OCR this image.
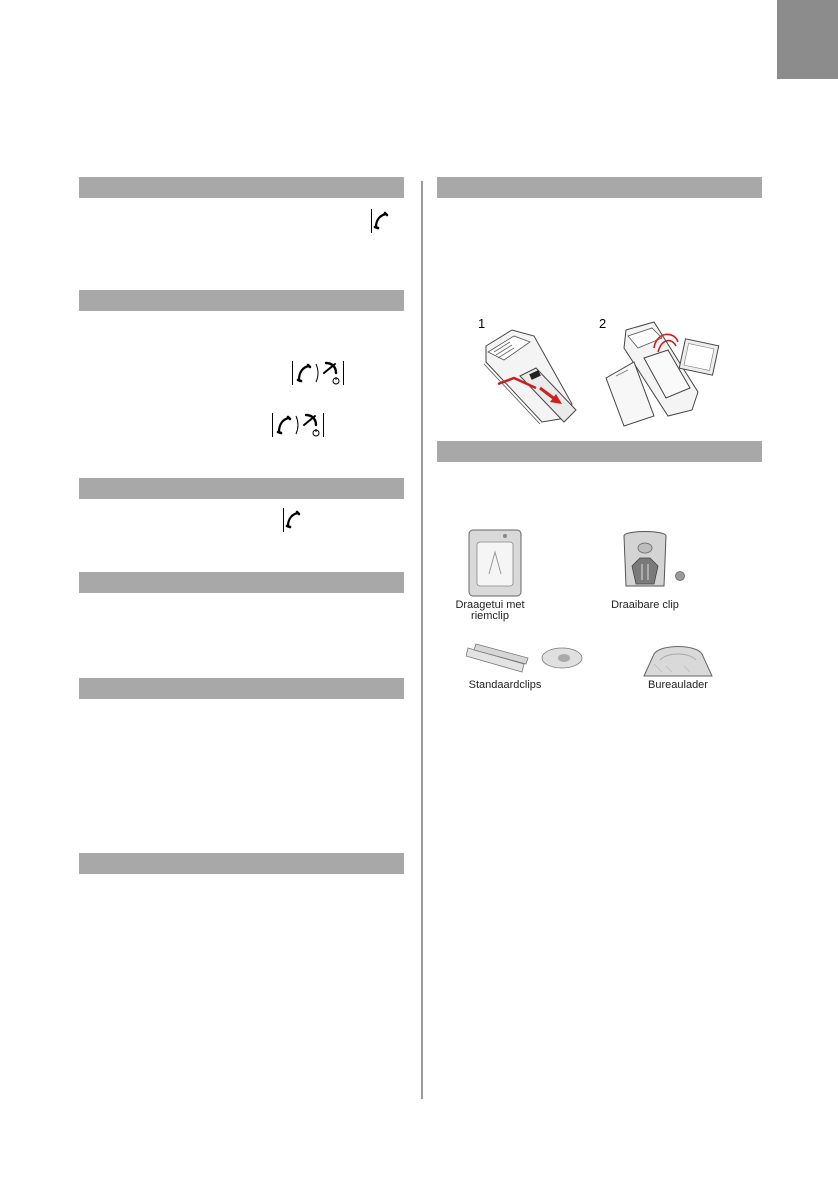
1	2
Draagetui met riemclip
Draaibare clip
Standaardclips	Bureaulader
